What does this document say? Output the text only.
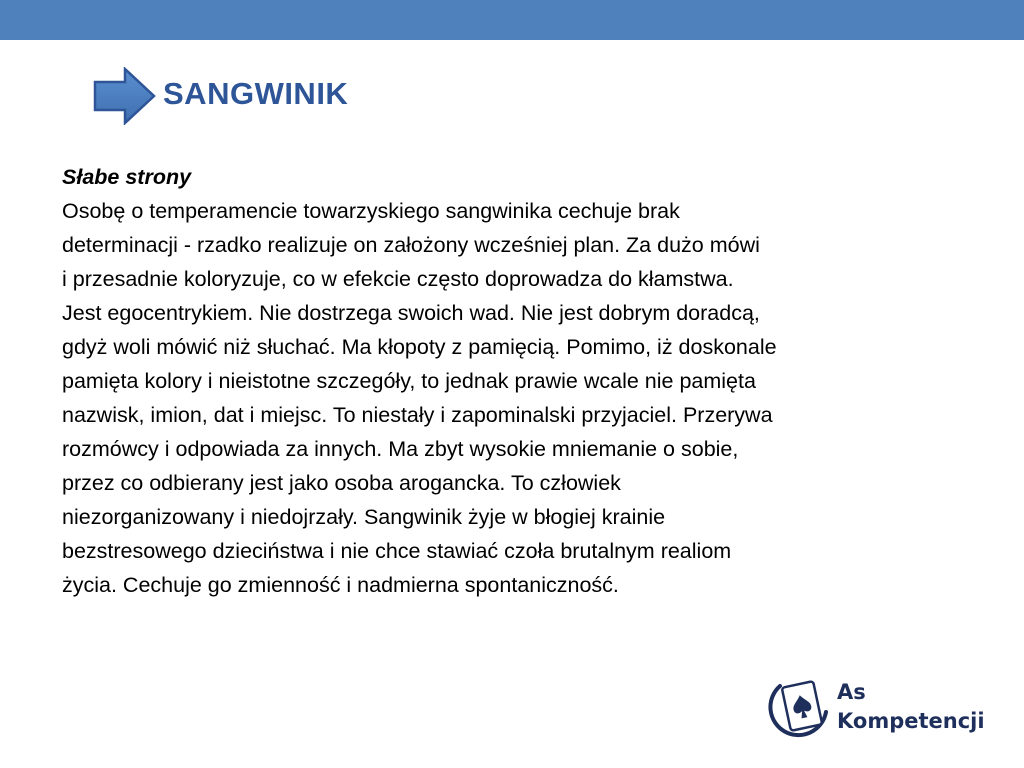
SANGWINIK
Słabe strony
Osobę o temperamencie towarzyskiego sangwinika cechuje brak
determinacji - rzadko realizuje on założony wcześniej plan. Za dużo mówi
i przesadnie koloryzuje, co w efekcie często doprowadza do kłamstwa.
Jest egocentrykiem. Nie dostrzega swoich wad. Nie jest dobrym doradcą,
gdyż woli mówić niż słuchać. Ma kłopoty z pamięcią. Pomimo, iż doskonale
pamięta kolory i nieistotne szczegóły, to jednak prawie wcale nie pamięta
nazwisk, imion, dat i miejsc. To niestały i zapominalski przyjaciel. Przerywa
rozmówcy i odpowiada za innych. Ma zbyt wysokie mniemanie o sobie,
przez co odbierany jest jako osoba arogancka. To człowiek
niezorganizowany i niedojrzały. Sangwinik żyje w błogiej krainie
bezstresowego dzieciństwa i nie chce stawiać czoła brutalnym realiom
życia. Cechuje go zmienność i nadmierna spontaniczność.
As
Kompetencji
